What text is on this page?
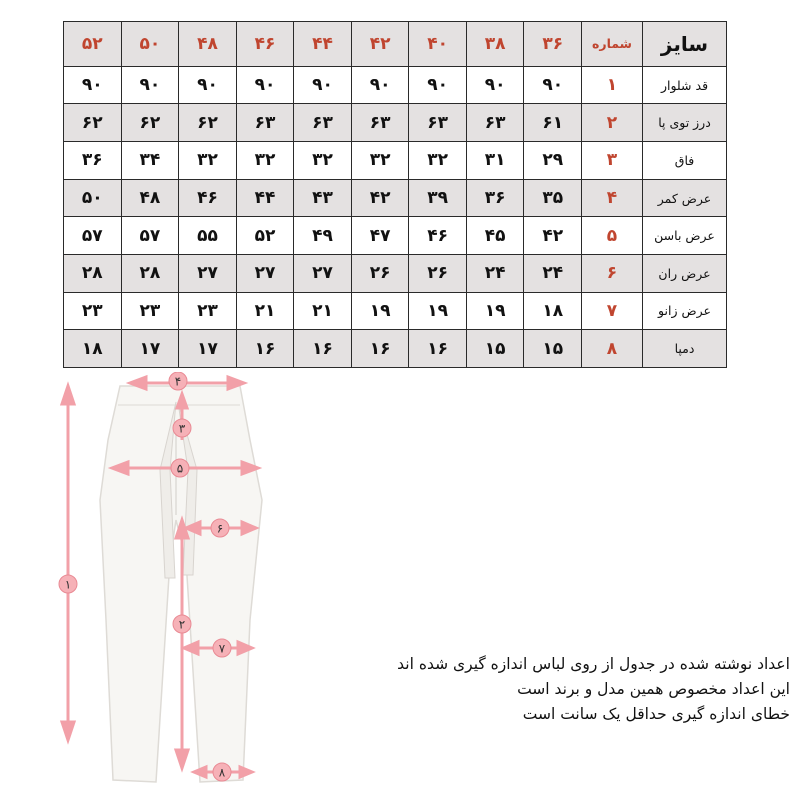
سایز	شماره	۳۶	۳۸	۴۰	۴۲	۴۴	۴۶	۴۸	۵۰	۵۲
قد شلوار	۱	۹۰	۹۰	۹۰	۹۰	۹۰	۹۰	۹۰	۹۰	۹۰
درز توی پا	۲	۶۱	۶۳	۶۳	۶۳	۶۳	۶۳	۶۲	۶۲	۶۲
فاق	۳	۲۹	۳۱	۳۲	۳۲	۳۲	۳۲	۳۲	۳۴	۳۶
عرض کمر	۴	۳۵	۳۶	۳۹	۴۲	۴۳	۴۴	۴۶	۴۸	۵۰
عرض باسن	۵	۴۲	۴۵	۴۶	۴۷	۴۹	۵۲	۵۵	۵۷	۵۷
عرض ران	۶	۲۴	۲۴	۲۶	۲۶	۲۷	۲۷	۲۷	۲۸	۲۸
عرض زانو	۷	۱۸	۱۹	۱۹	۱۹	۲۱	۲۱	۲۳	۲۳	۲۳
دمپا	۸	۱۵	۱۵	۱۶	۱۶	۱۶	۱۶	۱۷	۱۷	۱۸
۱
۲
۳
۴
۵
۶
۷
۸
اعداد نوشته شده در جدول از روی لباس اندازه گیری شده اند
این اعداد مخصوص همین مدل و برند است
خطای اندازه گیری حداقل یک سانت است
